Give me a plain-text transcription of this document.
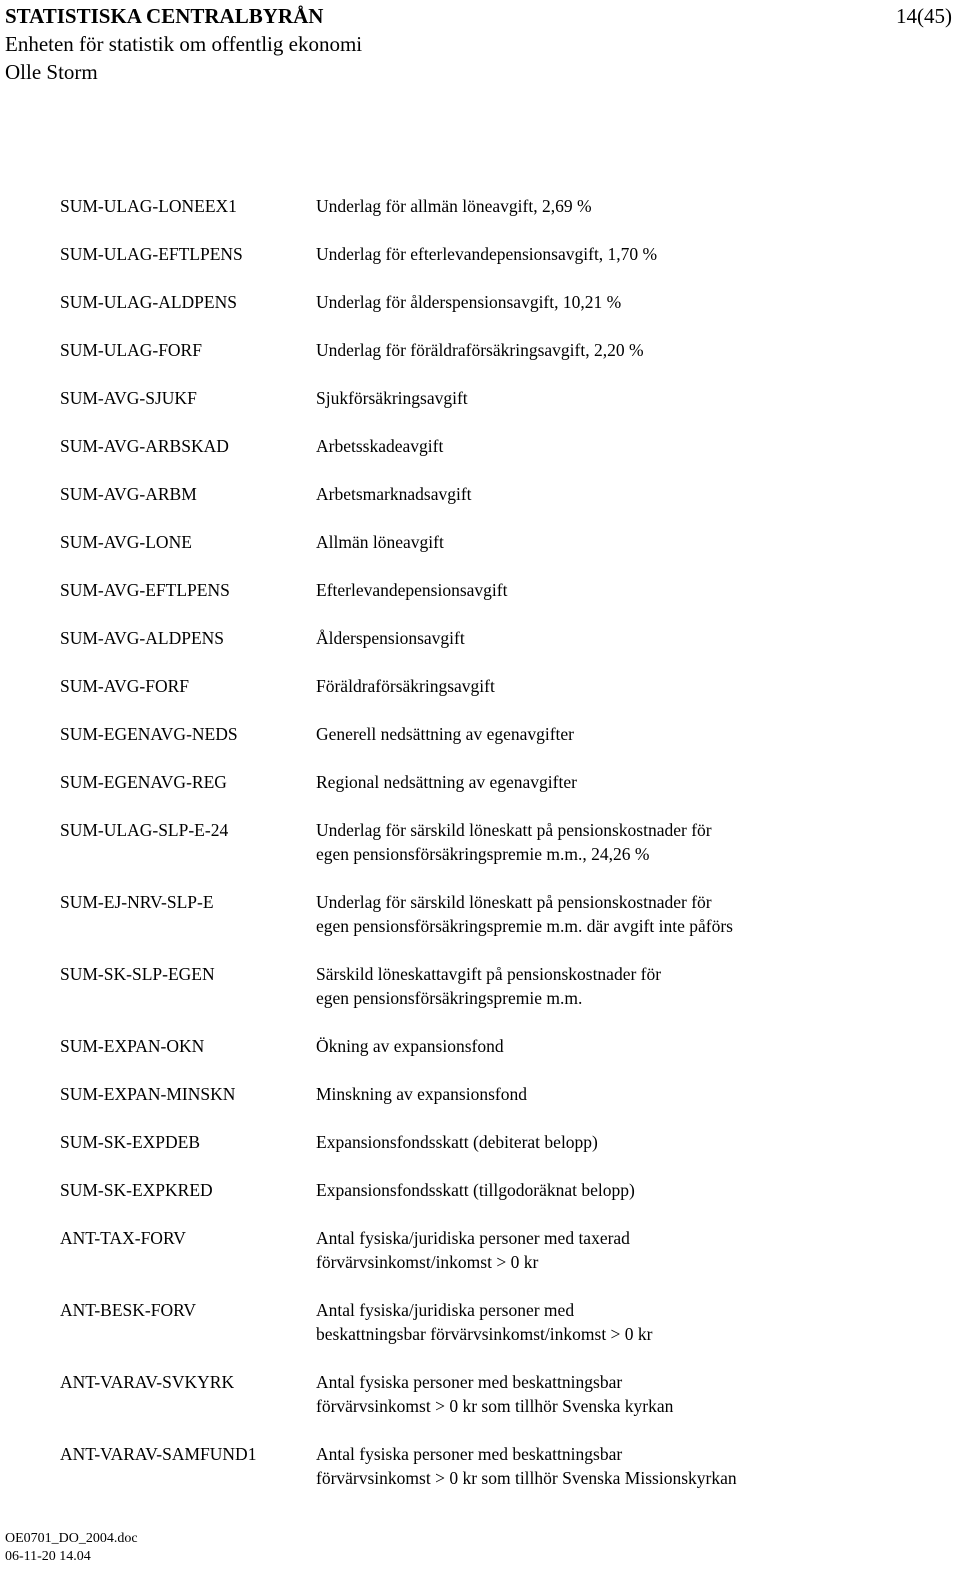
STATISTISKA CENTRALBYRÅN
Enheten för statistik om offentlig ekonomi
Olle Storm
14(45)
SUM-ULAG-LONEEX1	Underlag för allmän löneavgift, 2,69 %
SUM-ULAG-EFTLPENS	Underlag för efterlevandepensionsavgift, 1,70 %
SUM-ULAG-ALDPENS	Underlag för ålderspensionsavgift, 10,21 %
SUM-ULAG-FORF	Underlag för föräldraförsäkringsavgift, 2,20 %
SUM-AVG-SJUKF	Sjukförsäkringsavgift
SUM-AVG-ARBSKAD	Arbetsskadeavgift
SUM-AVG-ARBM	Arbetsmarknadsavgift
SUM-AVG-LONE	Allmän löneavgift
SUM-AVG-EFTLPENS	Efterlevandepensionsavgift
SUM-AVG-ALDPENS	Ålderspensionsavgift
SUM-AVG-FORF	Föräldraförsäkringsavgift
SUM-EGENAVG-NEDS	Generell nedsättning av egenavgifter
SUM-EGENAVG-REG	Regional nedsättning av egenavgifter
SUM-ULAG-SLP-E-24	Underlag för särskild löneskatt på pensionskostnader för
egen pensionsförsäkringspremie m.m., 24,26 %
SUM-EJ-NRV-SLP-E	Underlag för särskild löneskatt på pensionskostnader för
egen pensionsförsäkringspremie m.m. där avgift inte påförs
SUM-SK-SLP-EGEN	Särskild löneskattavgift på pensionskostnader för
egen pensionsförsäkringspremie m.m.
SUM-EXPAN-OKN	Ökning av expansionsfond
SUM-EXPAN-MINSKN	Minskning av expansionsfond
SUM-SK-EXPDEB	Expansionsfondsskatt (debiterat belopp)
SUM-SK-EXPKRED	Expansionsfondsskatt (tillgodoräknat belopp)
ANT-TAX-FORV	Antal fysiska/juridiska personer med taxerad
förvärvsinkomst/inkomst > 0 kr
ANT-BESK-FORV	Antal fysiska/juridiska personer med
beskattningsbar förvärvsinkomst/inkomst > 0 kr
ANT-VARAV-SVKYRK	Antal fysiska personer med beskattningsbar
förvärvsinkomst > 0 kr som tillhör Svenska kyrkan
ANT-VARAV-SAMFUND1	Antal fysiska personer med beskattningsbar
förvärvsinkomst > 0 kr som tillhör Svenska Missionskyrkan
OE0701_DO_2004.doc
06-11-20 14.04
